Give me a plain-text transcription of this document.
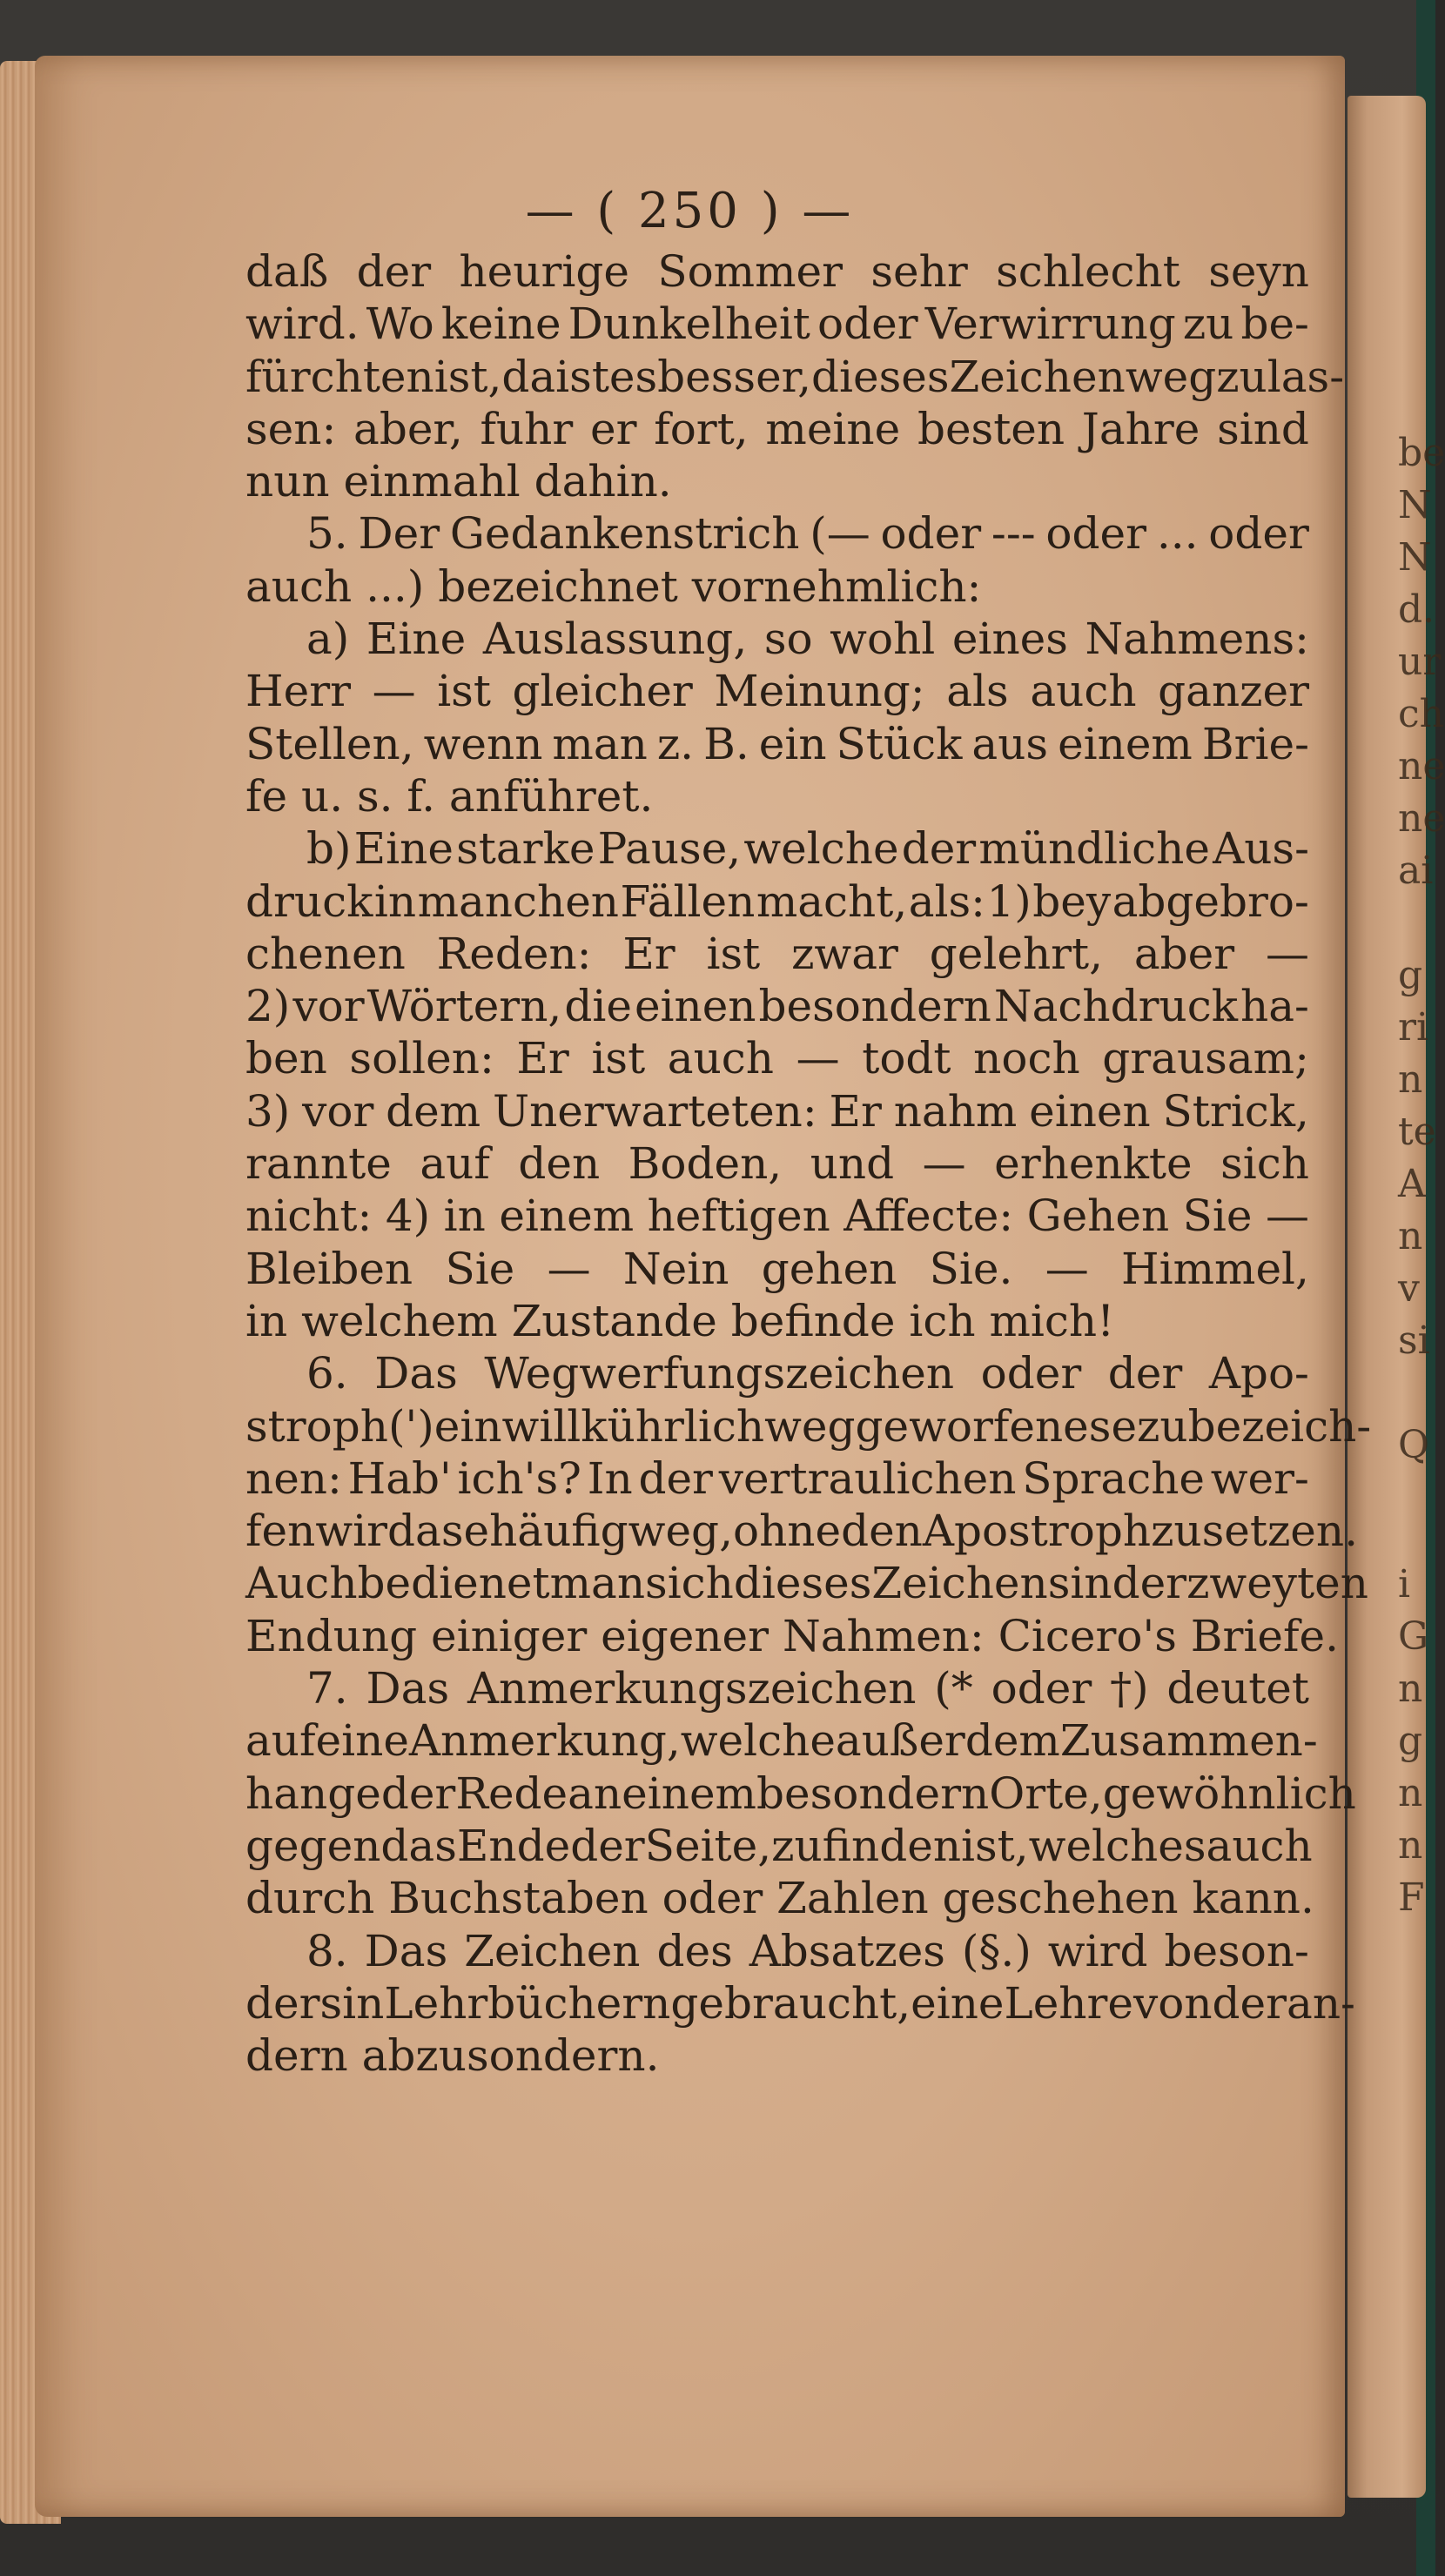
be
N
N
d.
ur
ch
ne
ne
ai
g
ri
n
te
A
n
v
si
Q
i
G
n
g
n
n
F
— ( 250 ) —
daß der heurige Sommer sehr schlecht seyn
wird. Wo keine Dunkelheit oder Verwirrung zu be-
fürchten ist, da ist es besser, dieses Zeichen wegzulas-
sen: aber, fuhr er fort, meine besten Jahre sind
nun einmahl dahin.
5. Der Gedankenstrich (— oder --- oder ... oder
auch ...) bezeichnet vornehmlich:
a) Eine Auslassung, so wohl eines Nahmens:
Herr — ist gleicher Meinung; als auch ganzer
Stellen, wenn man z. B. ein Stück aus einem Brie-
fe u. s. f. anführet.
b) Eine starke Pause, welche der mündliche Aus-
druck in manchen Fällen macht, als: 1) bey abgebro-
chenen Reden: Er ist zwar gelehrt, aber —
2) vor Wörtern, die einen besondern Nachdruck ha-
ben sollen: Er ist auch — todt noch grausam;
3) vor dem Unerwarteten: Er nahm einen Strick,
rannte auf den Boden, und — erhenkte sich
nicht: 4) in einem heftigen Affecte: Gehen Sie —
Bleiben Sie — Nein gehen Sie. — Himmel,
in welchem Zustande befinde ich mich!
6. Das Wegwerfungszeichen oder der Apo-
stroph (') ein willkührlich weggeworfenes e zu bezeich-
nen: Hab' ich's? In der vertraulichen Sprache wer-
fen wir das e häufig weg, ohne den Apostroph zu setzen.
Auch bedienet man sich dieses Zeichens in der zweyten
Endung einiger eigener Nahmen: Cicero's Briefe.
7. Das Anmerkungszeichen (* oder †) deutet
auf eine Anmerkung, welche außer dem Zusammen-
hange der Rede an einem besondern Orte, gewöhnlich
gegen das Ende der Seite, zu finden ist, welches auch
durch Buchstaben oder Zahlen geschehen kann.
8. Das Zeichen des Absatzes (§.) wird beson-
ders in Lehrbüchern gebraucht, eine Lehre von der an-
dern abzusondern.
